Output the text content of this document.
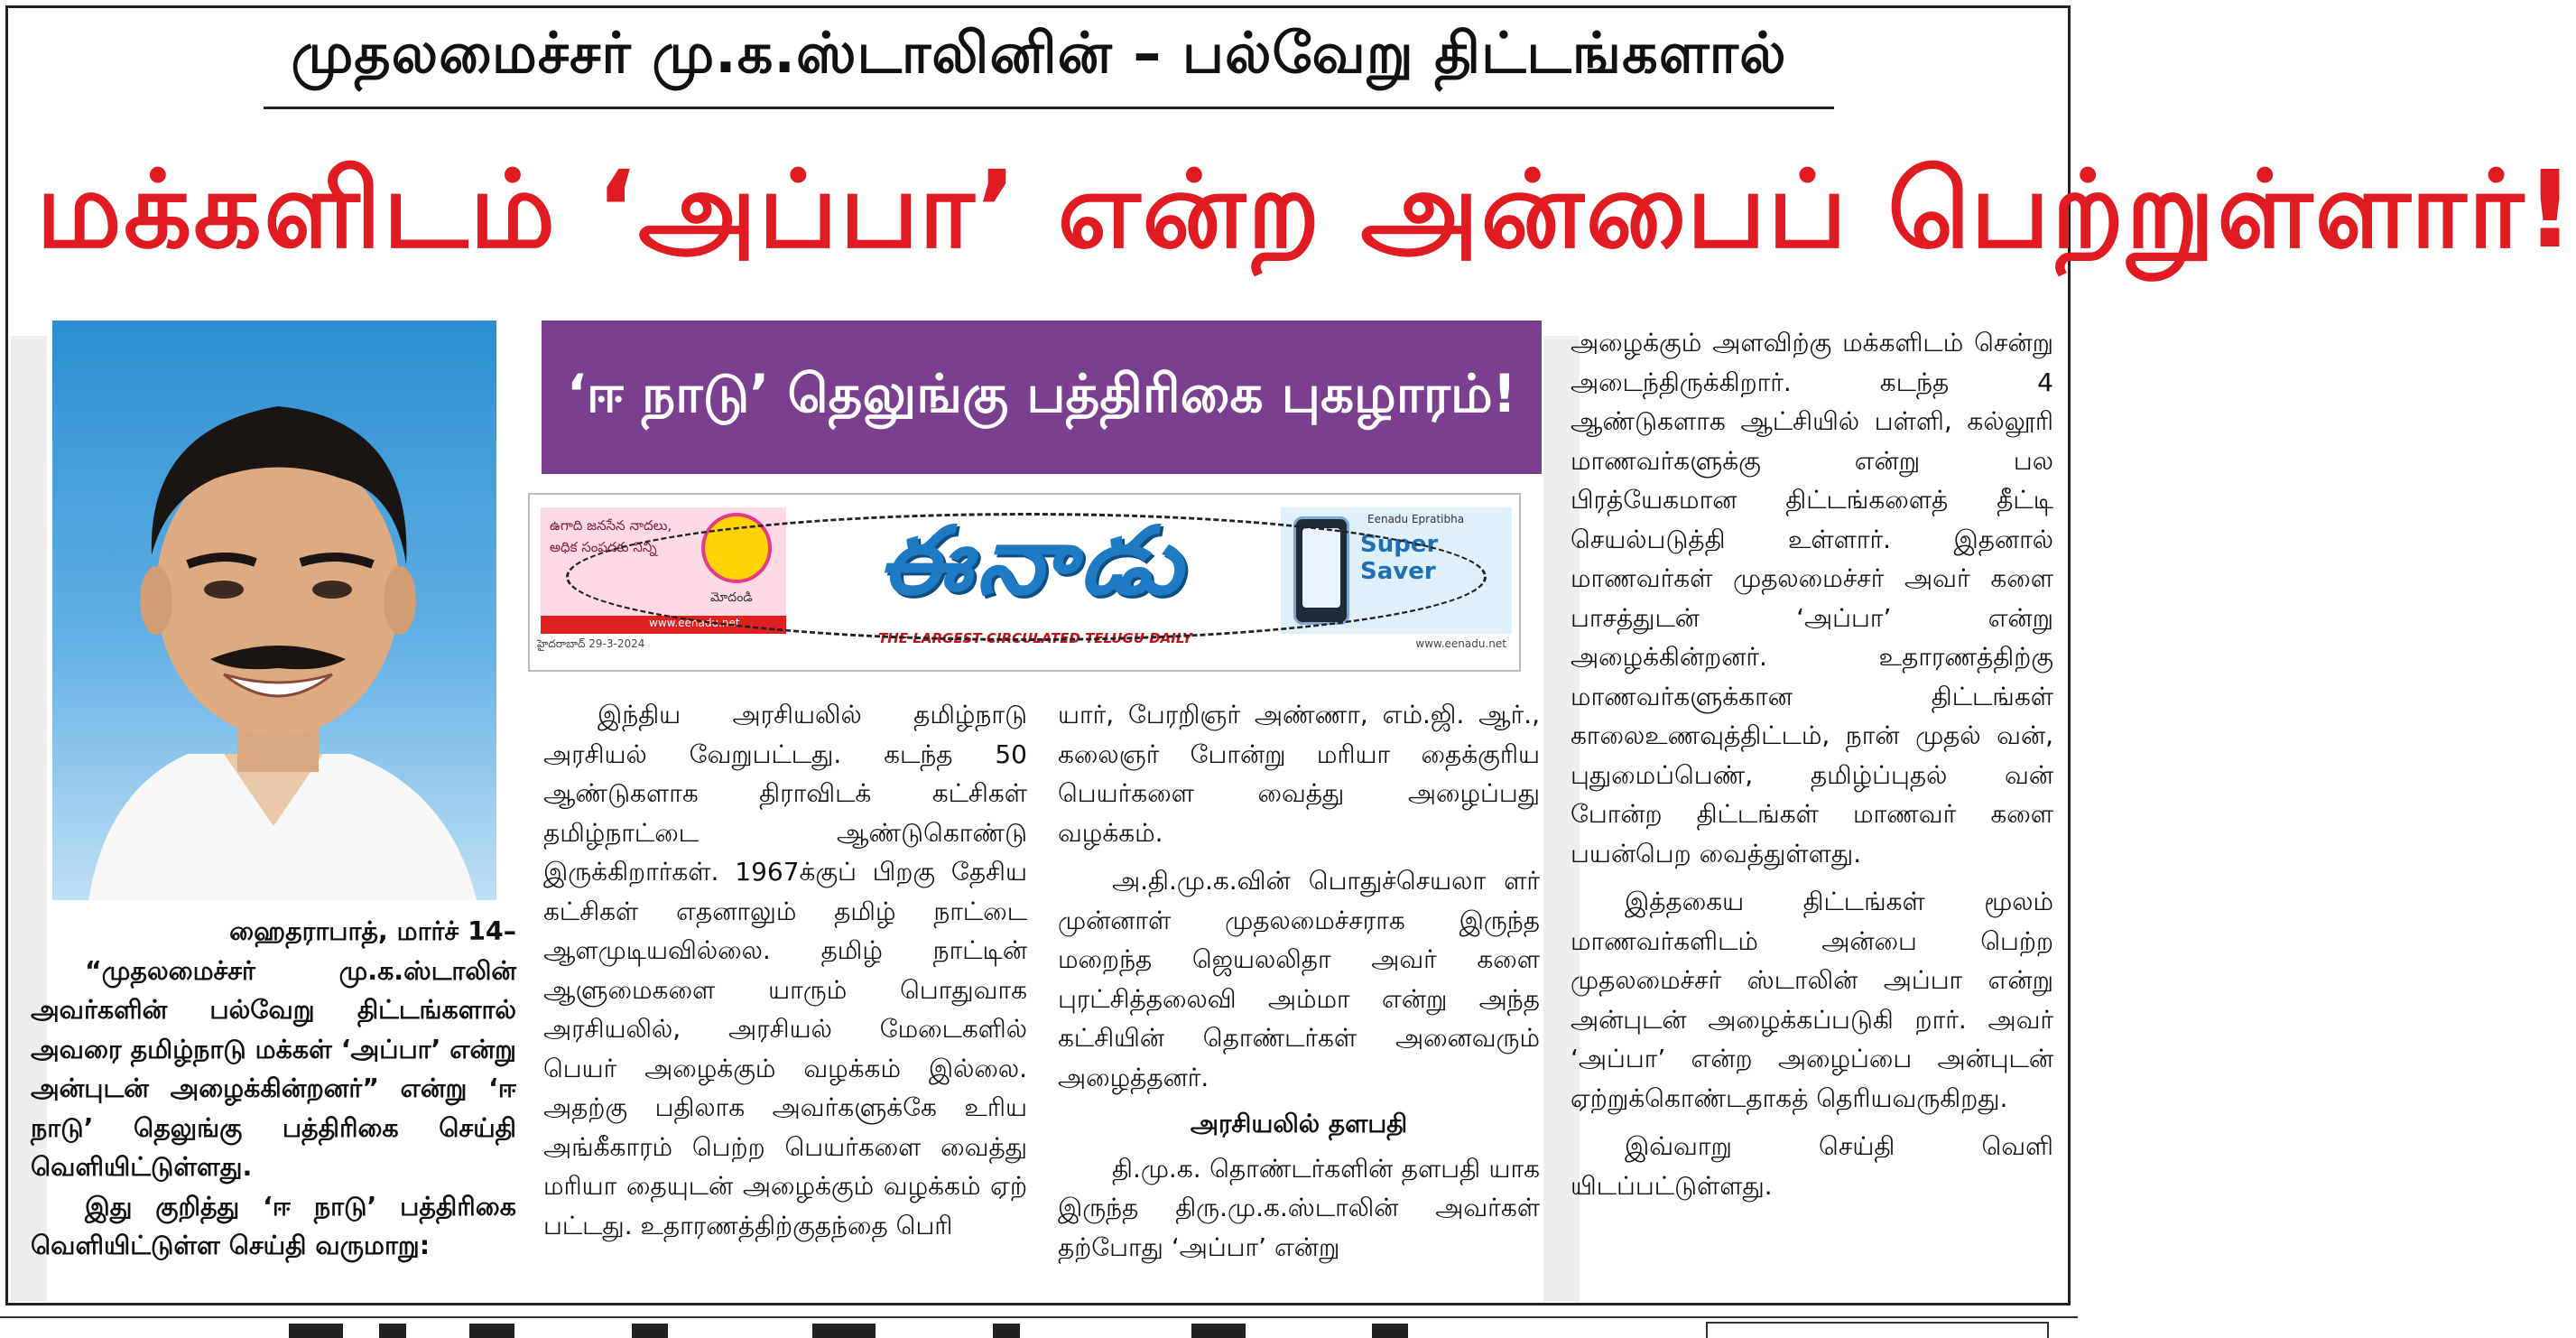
முதலமைச்சர் மு.க.ஸ்டாலினின் – பல்வேறு திட்டங்களால்
மக்களிடம் ‘அப்பா’ என்ற அன்பைப் பெற்றுள்ளார்!
‘ஈ நாடு’ தெலுங்கு பத்திரிகை புகழாரம்!
ఉగాది జనసేన నాదలు, అధిక సంపదకు నిన్ని
మోదండి
www.eenadu.net
ఈనాడు
THE LARGEST CIRCULATED TELUGU DAILY
Eenadu Epratibha
Super Saver
హైదరాబాద్ 29-3-2024	www.eenadu.net

ஹைதராபாத், மார்ச் 14–

“முதலமைச்சர் மு.க.ஸ்டாலின் அவர்களின் பல்வேறு திட்டங்களால் அவரை தமிழ்நாடு மக்கள் ‘அப்பா’ என்று அன்புடன் அழைக்கின்றனர்” என்று ‘ஈ நாடு’ தெலுங்கு பத்திரிகை செய்தி வெளியிட்டுள்ளது.

இது குறித்து ‘ஈ நாடு’ பத்திரிகை வெளியிட்டுள்ள செய்தி வருமாறு:

இந்திய அரசியலில் தமிழ்நாடு அரசியல் வேறுபட்டது. கடந்த 50 ஆண்டுகளாக திராவிடக் கட்சிகள் தமிழ்நாட்டை ஆண்டுகொண்டு இருக்கிறார்கள். 1967க்குப் பிறகு தேசிய கட்சிகள் எதனாலும் தமிழ் நாட்டை ஆளமுடியவில்லை. தமிழ் நாட்டின் ஆளுமைகளை யாரும் பொதுவாக அரசியலில், அரசியல் மேடைகளில் பெயர் அழைக்கும் வழக்கம் இல்லை. அதற்கு பதிலாக அவர்களுக்கே உரிய அங்கீகாரம் பெற்ற பெயர்களை வைத்து மரியா தையுடன் அழைக்கும் வழக்கம் ஏற் பட்டது. உதாரணத்திற்குதந்தை பெரி

யார், பேரறிஞர் அண்ணா, எம்.ஜி. ஆர்., கலைஞர் போன்று மரியா தைக்குரிய பெயர்களை வைத்து அழைப்பது வழக்கம்.

அ.தி.மு.க.வின் பொதுச்செயலா ளர் முன்னாள் முதலமைச்சராக இருந்த மறைந்த ஜெயலலிதா அவர் களை புரட்சித்தலைவி அம்மா என்று அந்த கட்சியின் தொண்டர்கள் அனைவரும் அழைத்தனர்.

அரசியலில் தளபதி

தி.மு.க. தொண்டர்களின் தளபதி யாக இருந்த திரு.மு.க.ஸ்டாலின் அவர்கள் தற்போது ‘அப்பா’ என்று

அழைக்கும் அளவிற்கு மக்களிடம் சென்று அடைந்திருக்கிறார். கடந்த 4 ஆண்டுகளாக ஆட்சியில் பள்ளி, கல்லூரி மாணவர்களுக்கு என்று பல பிரத்யேகமான திட்டங்களைத் தீட்டி செயல்படுத்தி உள்ளார். இதனால் மாணவர்கள் முதலமைச்சர் அவர் களை பாசத்துடன் ‘அப்பா’ என்று அழைக்கின்றனர். உதாரணத்திற்கு மாணவர்களுக்கான திட்டங்கள் காலைஉணவுத்திட்டம், நான் முதல் வன், புதுமைப்பெண், தமிழ்ப்புதல் வன் போன்ற திட்டங்கள் மாணவர் களை பயன்பெற வைத்துள்ளது.

இத்தகைய திட்டங்கள் மூலம் மாணவர்களிடம் அன்பை பெற்ற முதலமைச்சர் ஸ்டாலின் அப்பா என்று அன்புடன் அழைக்கப்படுகி றார். அவர் ‘அப்பா’ என்ற அழைப்பை அன்புடன் ஏற்றுக்கொண்டதாகத் தெரியவருகிறது.

இவ்வாறு செய்தி வெளி யிடப்பட்டுள்ளது.
